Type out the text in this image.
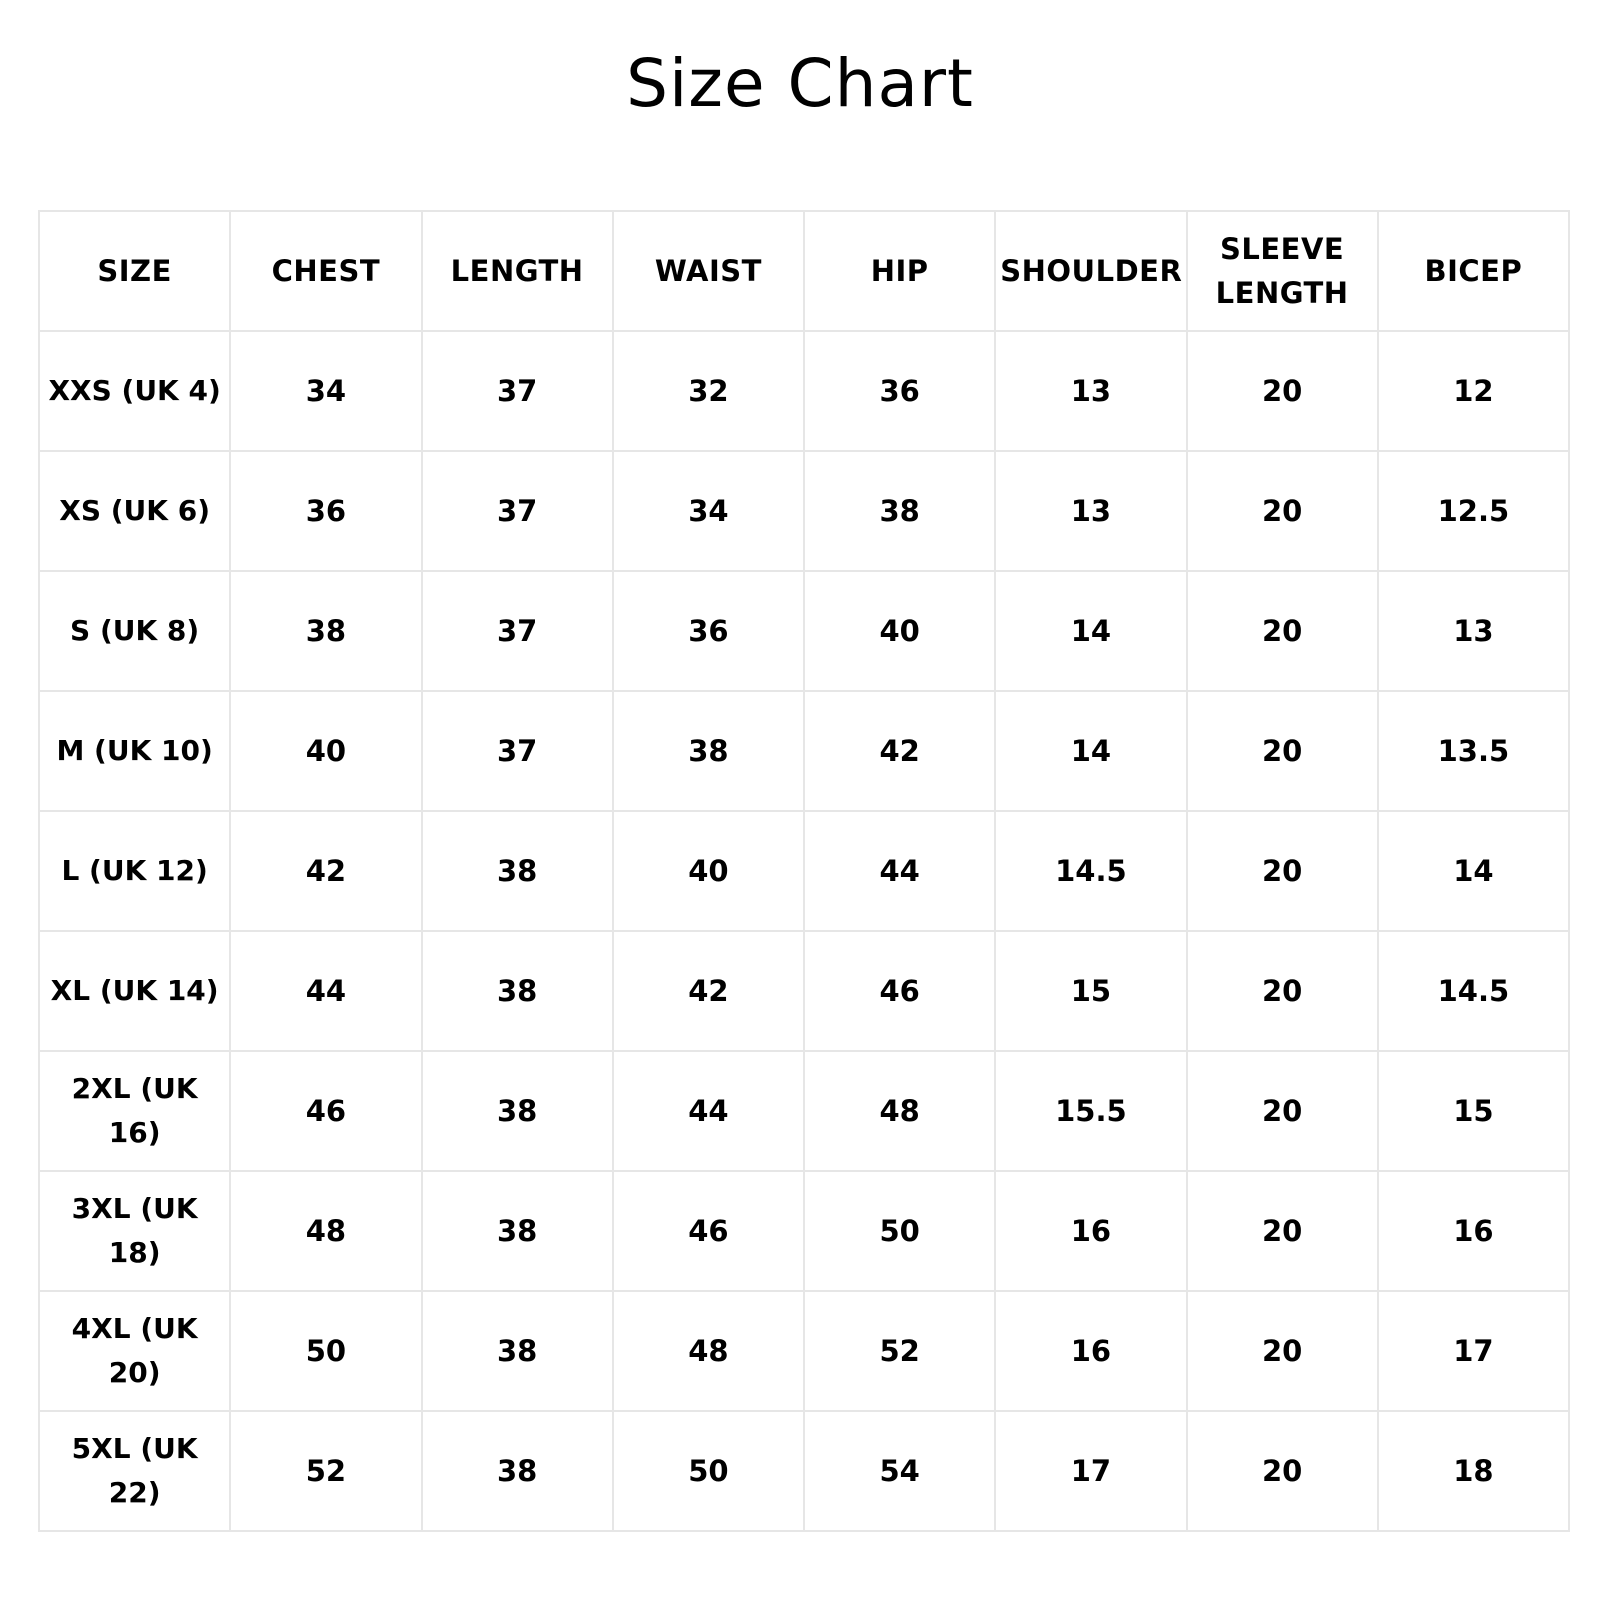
Size Chart
SIZE	CHEST	LENGTH	WAIST	HIP	SHOULDER	SLEEVE LENGTH	BICEP
XXS (UK 4)	34	37	32	36	13	20	12
XS (UK 6)	36	37	34	38	13	20	12.5
S (UK 8)	38	37	36	40	14	20	13
M (UK 10)	40	37	38	42	14	20	13.5
L (UK 12)	42	38	40	44	14.5	20	14
XL (UK 14)	44	38	42	46	15	20	14.5
2XL (UK 16)	46	38	44	48	15.5	20	15
3XL (UK 18)	48	38	46	50	16	20	16
4XL (UK 20)	50	38	48	52	16	20	17
5XL (UK 22)	52	38	50	54	17	20	18
